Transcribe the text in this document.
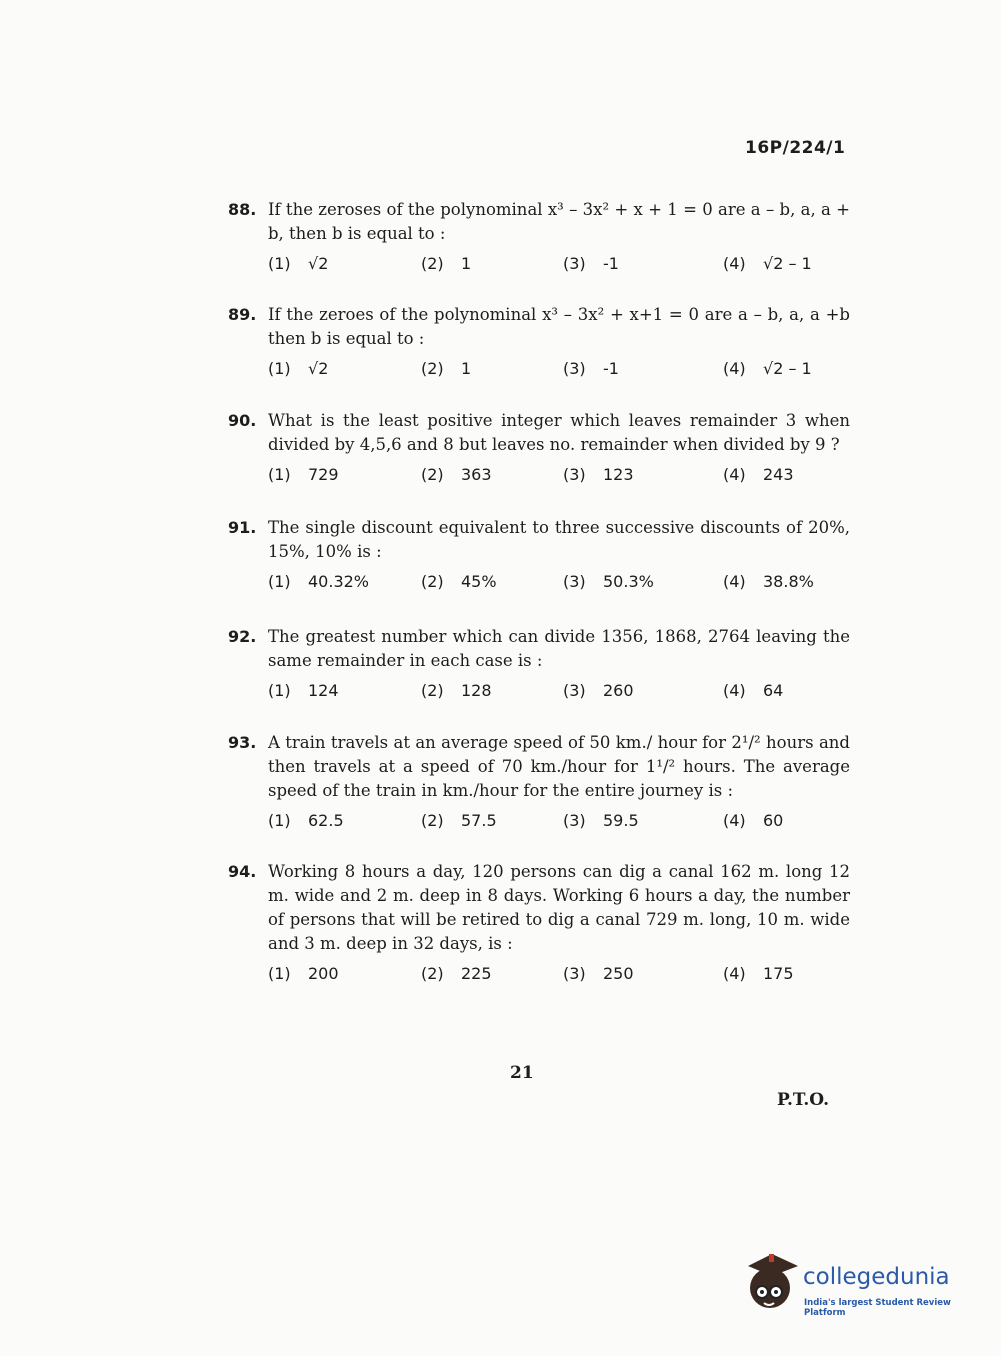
16P/224/1
88. If the zeroses of the polynominal x³ – 3x² + x + 1 = 0 are a – b, a, a + b, then b is equal to :
(1)	√2	(2)	1	(3)	-1	(4)	√2 – 1
89. If the zeroes of the polynominal x³ – 3x² + x+1 = 0 are a – b, a, a +b then b is equal to :
(1)	√2	(2)	1	(3)	-1	(4)	√2 – 1
90. What is the least positive integer which leaves remainder 3 when divided by 4,5,6 and 8 but leaves no. remainder when divided by 9 ?
(1)	729	(2)	363	(3)	123	(4)	243
91. The single discount equivalent to three successive discounts of 20%, 15%, 10% is :
(1)	40.32%	(2)	45%	(3)	50.3%	(4)	38.8%
92. The greatest number which can divide 1356, 1868, 2764 leaving the same remainder in each case is :
(1)	124	(2)	128	(3)	260	(4)	64
93. A train travels at an average speed of 50 km./ hour for 2¹/² hours and then travels at a speed of 70 km./hour for 1¹/² hours. The average speed of the train in km./hour for the entire journey is :
(1)	62.5	(2)	57.5	(3)	59.5	(4)	60
94. Working 8 hours a day, 120 persons can dig a canal 162 m. long 12 m. wide and 2 m. deep in 8 days. Working 6 hours a day, the number of persons that will be retired to dig a canal 729 m. long, 10 m. wide and 3 m. deep in 32 days, is :
(1)	200	(2)	225	(3)	250	(4)	175
21
P.T.O.
collegedunia
India's largest Student Review Platform
